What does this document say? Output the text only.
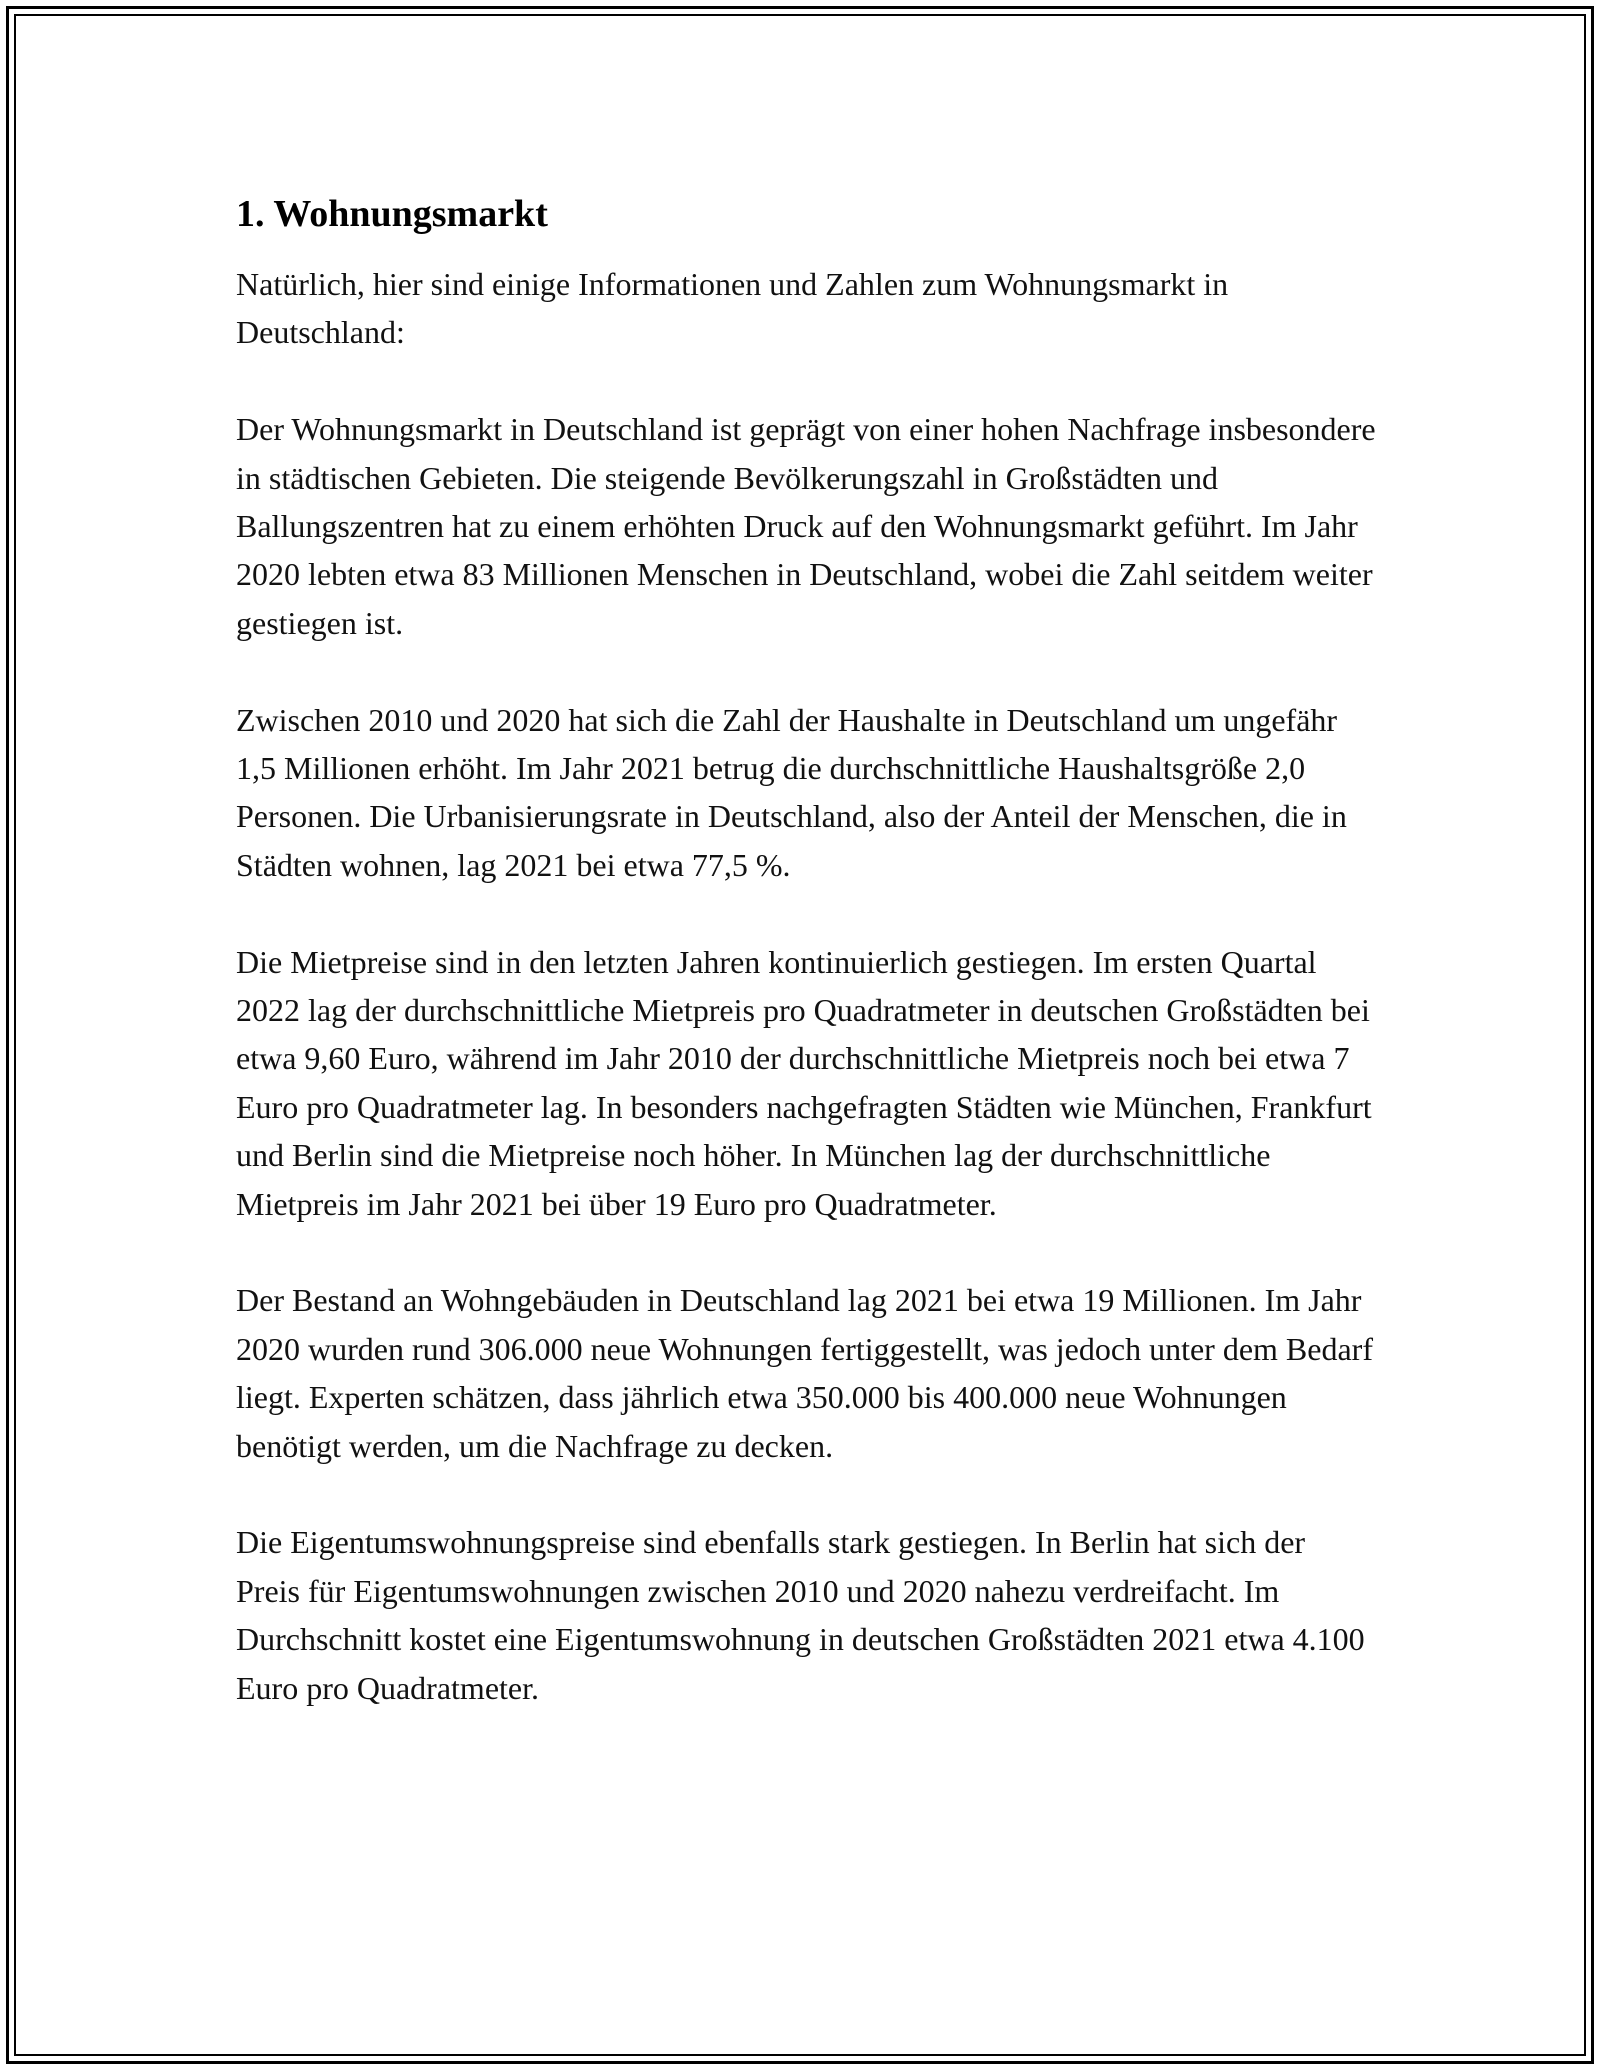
1. Wohnungsmarkt

Natürlich, hier sind einige Informationen und Zahlen zum Wohnungsmarkt in Deutschland:

Der Wohnungsmarkt in Deutschland ist geprägt von einer hohen Nachfrage insbesondere in städtischen Gebieten. Die steigende Bevölkerungszahl in Großstädten und Ballungszentren hat zu einem erhöhten Druck auf den Wohnungsmarkt geführt. Im Jahr 2020 lebten etwa 83 Millionen Menschen in Deutschland, wobei die Zahl seitdem weiter gestiegen ist.

Zwischen 2010 und 2020 hat sich die Zahl der Haushalte in Deutschland um ungefähr 1,5 Millionen erhöht. Im Jahr 2021 betrug die durchschnittliche Haushaltsgröße 2,0 Personen. Die Urbanisierungsrate in Deutschland, also der Anteil der Menschen, die in Städten wohnen, lag 2021 bei etwa 77,5 %.

Die Mietpreise sind in den letzten Jahren kontinuierlich gestiegen. Im ersten Quartal 2022 lag der durchschnittliche Mietpreis pro Quadratmeter in deutschen Großstädten bei etwa 9,60 Euro, während im Jahr 2010 der durchschnittliche Mietpreis noch bei etwa 7 Euro pro Quadratmeter lag. In besonders nachgefragten Städten wie München, Frankfurt und Berlin sind die Mietpreise noch höher. In München lag der durchschnittliche Mietpreis im Jahr 2021 bei über 19 Euro pro Quadratmeter.

Der Bestand an Wohngebäuden in Deutschland lag 2021 bei etwa 19 Millionen. Im Jahr 2020 wurden rund 306.000 neue Wohnungen fertiggestellt, was jedoch unter dem Bedarf liegt. Experten schätzen, dass jährlich etwa 350.000 bis 400.000 neue Wohnungen benötigt werden, um die Nachfrage zu decken.

Die Eigentumswohnungspreise sind ebenfalls stark gestiegen. In Berlin hat sich der Preis für Eigentumswohnungen zwischen 2010 und 2020 nahezu verdreifacht. Im Durchschnitt kostet eine Eigentumswohnung in deutschen Großstädten 2021 etwa 4.100 Euro pro Quadratmeter.
